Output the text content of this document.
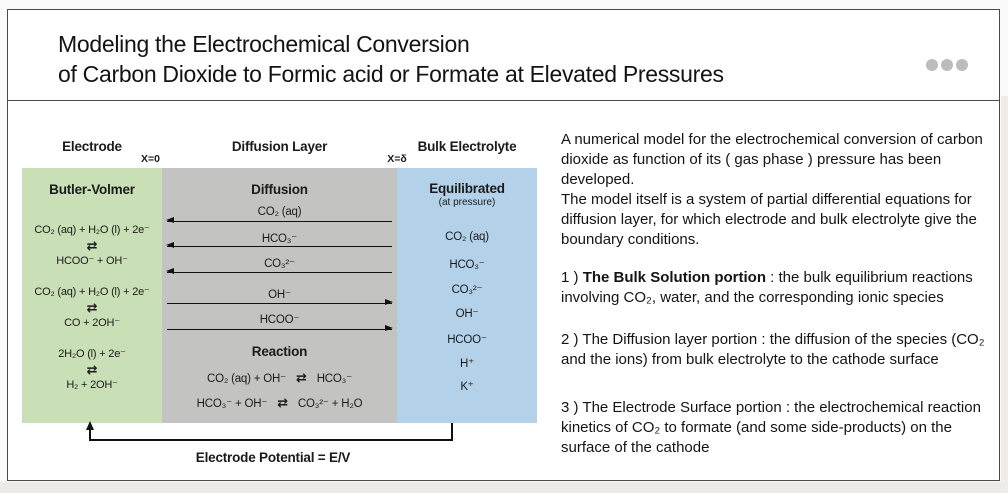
Modeling the Electrochemical Conversion
of Carbon Dioxide to Formic acid or Formate at Elevated Pressures
Electrode	Diffusion Layer	Bulk Electrolyte
X=0	X=δ
Butler-Volmer
CO₂ (aq) + H₂O (l) + 2e⁻
⇄
HCOO⁻ + OH⁻
CO₂ (aq) + H₂O (l) + 2e⁻
⇄
CO + 2OH⁻
2H₂O (l) + 2e⁻
⇄
H₂ + 2OH⁻
Diffusion
CO₂ (aq)
HCO₃⁻
CO₃²⁻
OH⁻
HCOO⁻
Reaction
CO₂ (aq) + OH⁻ ⇄ HCO₃⁻
HCO₃⁻ + OH⁻ ⇄ CO₃²⁻ + H₂O
Equilibrated
(at pressure)
CO₂ (aq)
HCO₃⁻
CO₃²⁻
OH⁻
HCOO⁻
H⁺
K⁺
Electrode Potential = E/V

A numerical model for the electrochemical conversion of carbon dioxide as function of its ( gas phase ) pressure has been developed.

The model itself is a system of partial differential equations for diffusion layer, for which electrode and bulk electrolyte give the boundary conditions.

1 ) The Bulk Solution portion : the bulk equilibrium reactions involving CO₂, water, and the corresponding ionic species

2 ) The Diffusion layer portion : the diffusion of the species (CO₂ and the ions) from bulk electrolyte to the cathode surface

3 ) The Electrode Surface portion : the electrochemical reaction kinetics of CO₂ to formate (and some side-products) on the surface of the cathode
